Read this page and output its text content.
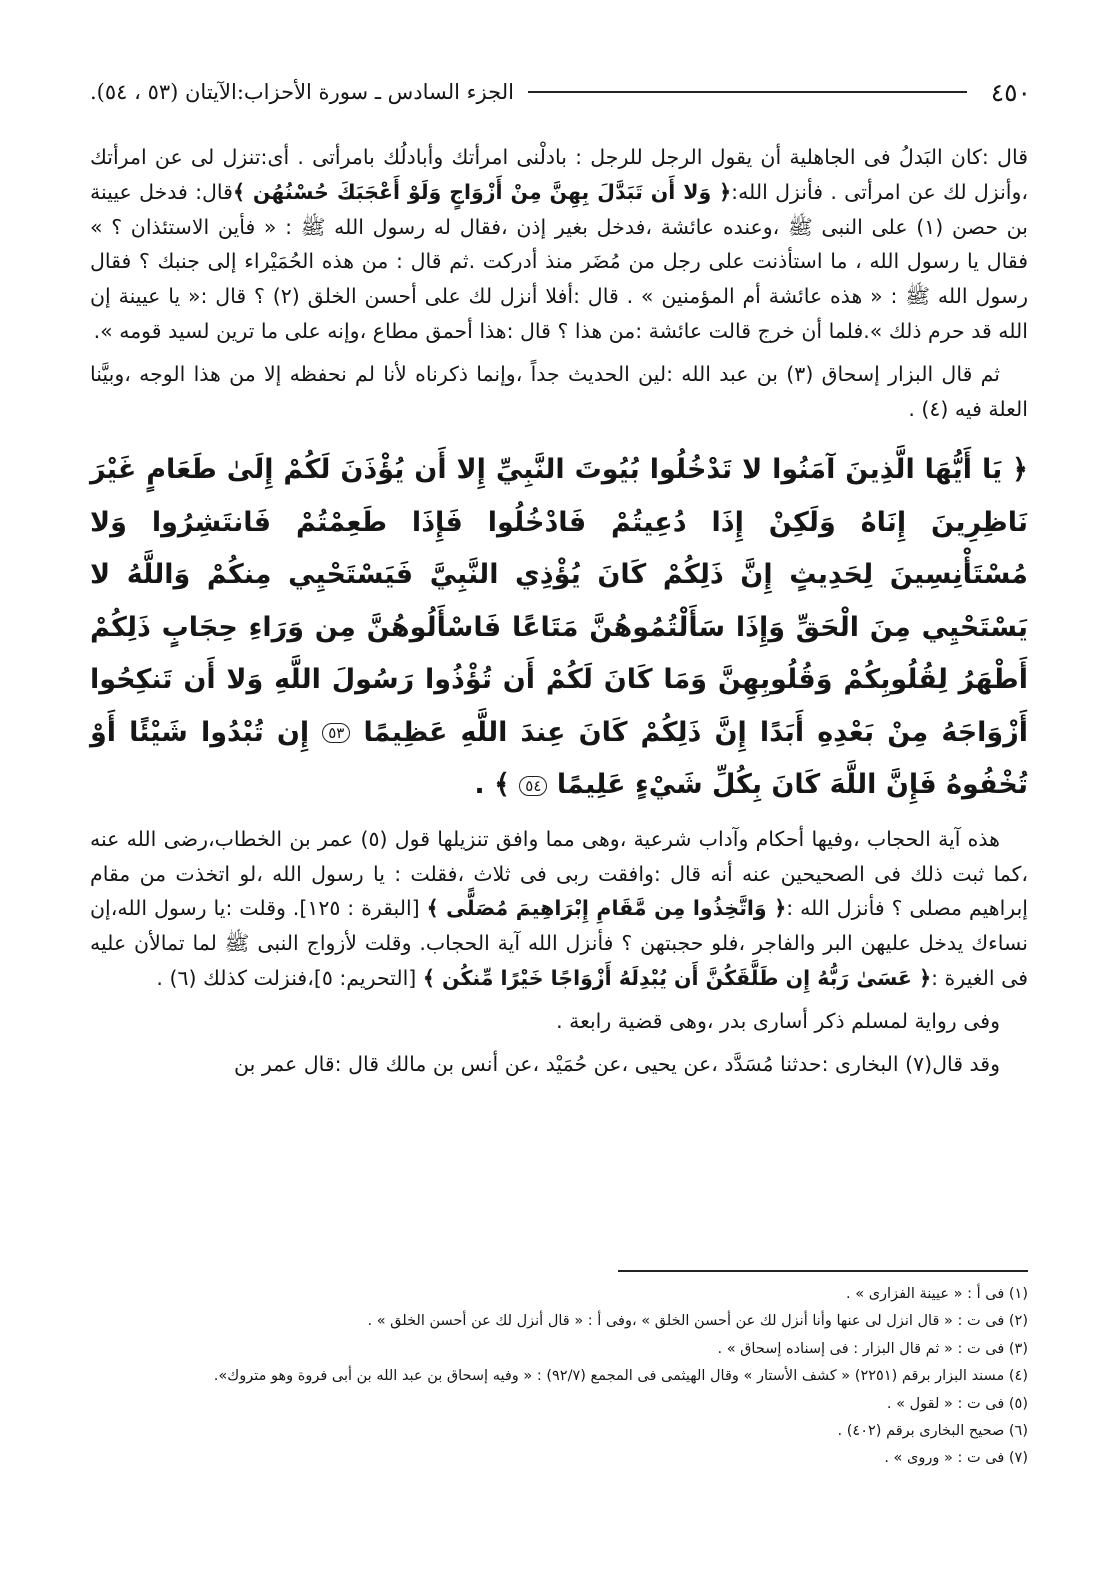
٤٥٠
الجزء السادس ـ سورة الأحزاب:
الآيتان (٥٣ ، ٥٤).

قال :كان البَدلُ فى الجاهلية أن يقول الرجل للرجل : بادلْنى امرأتك وأبادلُك بامرأتى . أى:تنزل لى عن امرأتك ،وأنزل لك عن امرأتى . فأنزل الله:﴿ وَلا أَن تَبَدَّلَ بِهِنَّ مِنْ أَزْوَاجٍ وَلَوْ أَعْجَبَكَ حُسْنُهُن ﴾قال: فدخل عيينة بن حصن (١) على النبى ﷺ ،وعنده عائشة ،فدخل بغير إذن ،فقال له رسول الله ﷺ : « فأين الاستئذان ؟ » فقال يا رسول الله ، ما استأذنت على رجل من مُضَر منذ أدركت .ثم قال : من هذه الحُمَيْراء إلى جنبك ؟ فقال رسول الله ﷺ : « هذه عائشة أم المؤمنين » . قال :أفلا أنزل لك على أحسن الخلق (٢) ؟ قال :« يا عيينة إن الله قد حرم ذلك ».فلما أن خرج قالت عائشة :من هذا ؟ قال :هذا أحمق مطاع ،وإنه على ما ترين لسيد قومه ».

ثم قال البزار إسحاق (٣) بن عبد الله :لين الحديث جداً ،وإنما ذكرناه لأنا لم نحفظه إلا من هذا الوجه ،وبيَّنا العلة فيه (٤) .

﴿ يَا أَيُّهَا الَّذِينَ آمَنُوا لا تَدْخُلُوا بُيُوتَ النَّبِيِّ إِلا أَن يُؤْذَنَ لَكُمْ إِلَىٰ طَعَامٍ غَيْرَ نَاظِرِينَ إِنَاهُ وَلَكِنْ إِذَا دُعِيتُمْ فَادْخُلُوا فَإِذَا طَعِمْتُمْ فَانتَشِرُوا وَلا مُسْتَأْنِسِينَ لِحَدِيثٍ إِنَّ ذَلِكُمْ كَانَ يُؤْذِي النَّبِيَّ فَيَسْتَحْيِي مِنكُمْ وَاللَّهُ لا يَسْتَحْيِي مِنَ الْحَقِّ وَإِذَا سَأَلْتُمُوهُنَّ مَتَاعًا فَاسْأَلُوهُنَّ مِن وَرَاءِ حِجَابٍ ذَلِكُمْ أَطْهَرُ لِقُلُوبِكُمْ وَقُلُوبِهِنَّ وَمَا كَانَ لَكُمْ أَن تُؤْذُوا رَسُولَ اللَّهِ وَلا أَن تَنكِحُوا أَزْوَاجَهُ مِنْ بَعْدِهِ أَبَدًا إِنَّ ذَلِكُمْ كَانَ عِندَ اللَّهِ عَظِيمًا ٥٣ إِن تُبْدُوا شَيْئًا أَوْ تُخْفُوهُ فَإِنَّ اللَّهَ كَانَ بِكُلِّ شَيْءٍ عَلِيمًا ٥٤ ﴾ .

هذه آية الحجاب ،وفيها أحكام وآداب شرعية ،وهى مما وافق تنزيلها قول (٥) عمر بن الخطاب،رضى الله عنه ،كما ثبت ذلك فى الصحيحين عنه أنه قال :وافقت ربى فى ثلاث ،فقلت : يا رسول الله ،لو اتخذت من مقام إبراهيم مصلى ؟ فأنزل الله :﴿ وَاتَّخِذُوا مِن مَّقَامِ إِبْرَاهِيمَ مُصَلًّى ﴾ [البقرة : ١٢٥]. وقلت :يا رسول الله،إن نساءك يدخل عليهن البر والفاجر ،فلو حجبتهن ؟ فأنزل الله آية الحجاب. وقلت لأزواج النبى ﷺ لما تمالأن عليه فى الغيرة :﴿ عَسَىٰ رَبُّهُ إِن طَلَّقَكُنَّ أَن يُبْدِلَهُ أَزْوَاجًا خَيْرًا مِّنكُن ﴾ [التحريم: ٥]،فنزلت كذلك (٦) .

وفى رواية لمسلم ذكر أسارى بدر ،وهى قضية رابعة .

وقد قال(٧) البخارى :حدثنا مُسَدَّد ،عن يحيى ،عن حُمَيْد ،عن أنس بن مالك قال :قال عمر بن

(١) فى أ : « عيينة الفزارى » .

(٢) فى ت : « قال انزل لى عنها وأنا أنزل لك عن أحسن الخلق » ،وفى أ : « قال أنزل لك عن أحسن الخلق » .

(٣) فى ت : « ثم قال البزار : فى إسناده إسحاق » .

(٤) مسند البزار برقم (٢٢٥١) « كشف الأستار » وقال الهيثمى فى المجمع (٩٢/٧) : « وفيه إسحاق بن عبد الله بن أبى فروة وهو متروك».

(٥) فى ت : « لقول » .

(٦) صحيح البخارى برقم (٤٠٢) .

(٧) فى ت : « وروى » .
